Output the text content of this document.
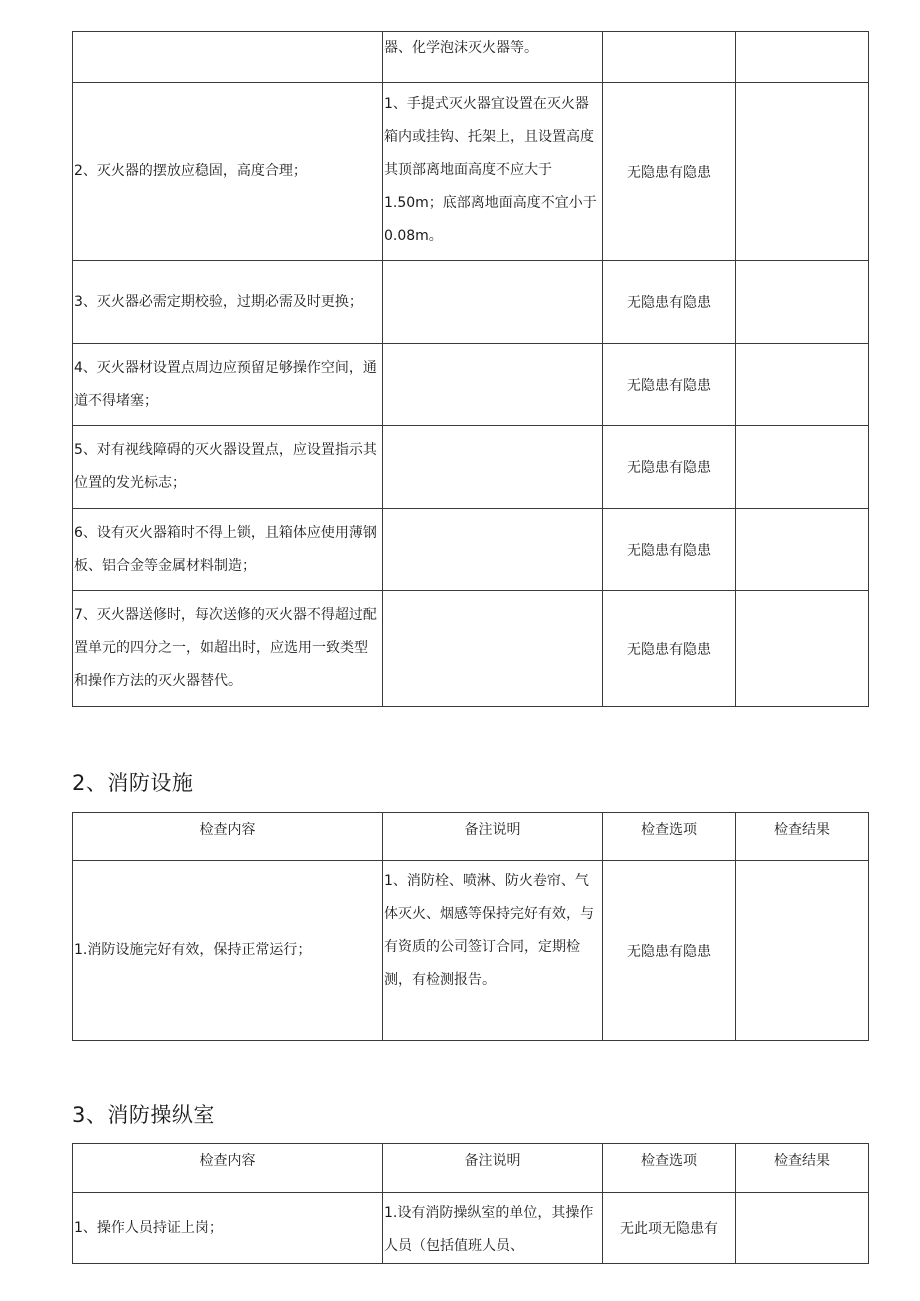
	器、化学泡沫灭火器等。		
2、灭火器的摆放应稳固，高度合理；	1、手提式灭火器宜设置在灭火器箱内或挂钩、托架上，且设置高度其顶部离地面高度不应大于1.50m；底部离地面高度不宜小于 0.08m。	无隐患有隐患	
3、灭火器必需定期校验，过期必需及时更换；		无隐患有隐患	
4、灭火器材设置点周边应预留足够操作空间，通道不得堵塞；		无隐患有隐患	
5、对有视线障碍的灭火器设置点，应设置指示其位置的发光标志；		无隐患有隐患	
6、设有灭火器箱时不得上锁，且箱体应使用薄钢板、铝合金等金属材料制造；		无隐患有隐患	
7、灭火器送修时，每次送修的灭火器不得超过配置单元的四分之一，如超出时，应选用一致类型和操作方法的灭火器替代。		无隐患有隐患	
2、消防设施
检查内容	备注说明	检查选项	检查结果
1.消防设施完好有效，保持正常运行；	1、消防栓、喷淋、防火卷帘、气体灭火、烟感等保持完好有效，与有资质的公司签订合同，定期检测，有检测报告。	无隐患有隐患	
3、消防操纵室
检查内容	备注说明	检查选项	检查结果
1、操作人员持证上岗；	1.设有消防操纵室的单位，其操作人员（包括值班人员、	无此项无隐患有	
